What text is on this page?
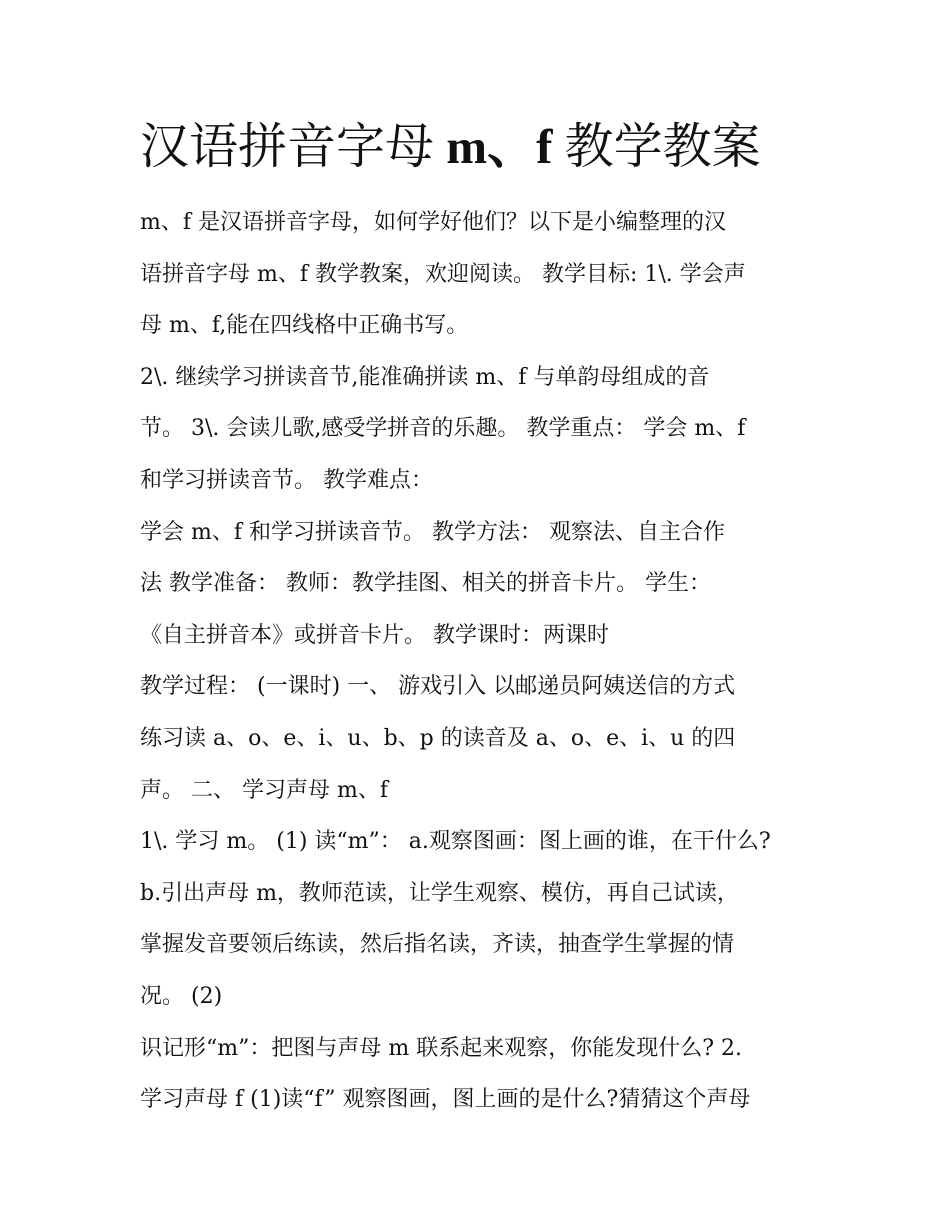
汉语拼音字母 m、f 教学教案
m、f 是汉语拼音字母，如何学好他们？以下是小编整理的汉
语拼音字母 m、f 教学教案，欢迎阅读。 教学目标: 1\. 学会声
母 m、f,能在四线格中正确书写。
2\. 继续学习拼读音节,能准确拼读 m、f 与单韵母组成的音
节。 3\. 会读儿歌,感受学拼音的乐趣。 教学重点： 学会 m、f
和学习拼读音节。 教学难点：
学会 m、f 和学习拼读音节。 教学方法： 观察法、自主合作
法 教学准备： 教师：教学挂图、相关的拼音卡片。 学生：
《自主拼音本》或拼音卡片。 教学课时：两课时
教学过程： (一课时) 一、 游戏引入 以邮递员阿姨送信的方式
练习读 a、o、e、i、u、b、p 的读音及 a、o、e、i、u 的四
声。 二、 学习声母 m、f
1\. 学习 m。 (1) 读“m”： a.观察图画：图上画的谁，在干什么?
b.引出声母 m，教师范读，让学生观察、模仿，再自己试读，
掌握发音要领后练读，然后指名读，齐读，抽查学生掌握的情
况。 (2)
识记形“m”：把图与声母 m 联系起来观察，你能发现什么? 2.
学习声母 f (1)读“f” 观察图画，图上画的是什么?猜猜这个声母
